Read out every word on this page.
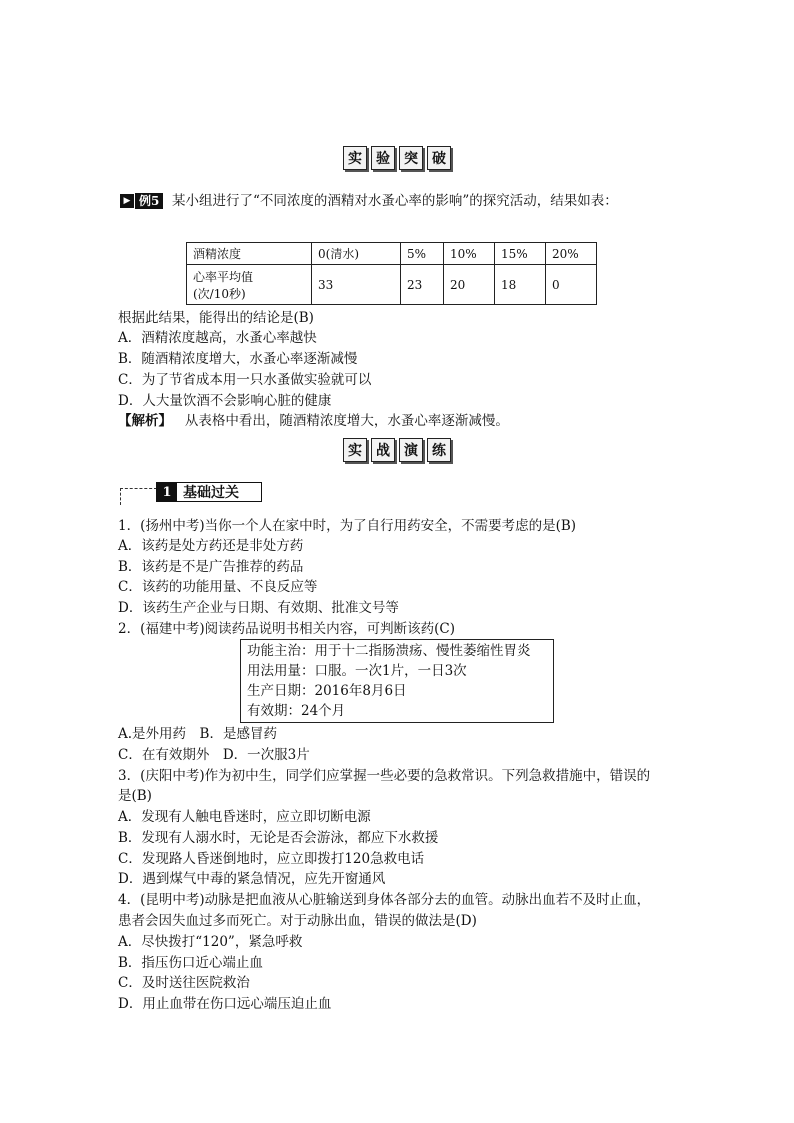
实	验	突	破
▶ 例5 某小组进行了“不同浓度的酒精对水蚤心率的影响”的探究活动，结果如表：
酒精浓度	0(清水)	5%	10%	15%	20%

心率平均值
(次/10秒)	33	23	20	18	0
根据此结果，能得出的结论是(B)
A．酒精浓度越高，水蚤心率越快
B．随酒精浓度增大，水蚤心率逐渐减慢
C．为了节省成本用一只水蚤做实验就可以
D．人大量饮酒不会影响心脏的健康
【解析】 从表格中看出，随酒精浓度增大，水蚤心率逐渐减慢。
实	战	演	练
1 基础过关
1．(扬州中考)当你一个人在家中时，为了自行用药安全，不需要考虑的是(B)
A．该药是处方药还是非处方药
B．该药是不是广告推荐的药品
C．该药的功能用量、不良反应等
D．该药生产企业与日期、有效期、批准文号等
2．(福建中考)阅读药品说明书相关内容，可判断该药(C)
功能主治：用于十二指肠溃疡、慢性萎缩性胃炎
用法用量：口服。一次1片，一日3次
生产日期：2016年8月6日
有效期：24个月
A.是外用药　B．是感冒药
C．在有效期外　D．一次服3片
3．(庆阳中考)作为初中生，同学们应掌握一些必要的急救常识。下列急救措施中，错误的
是(B)
A．发现有人触电昏迷时，应立即切断电源
B．发现有人溺水时，无论是否会游泳，都应下水救援
C．发现路人昏迷倒地时，应立即拨打120急救电话
D．遇到煤气中毒的紧急情况，应先开窗通风
4．(昆明中考)动脉是把血液从心脏输送到身体各部分去的血管。动脉出血若不及时止血，
患者会因失血过多而死亡。对于动脉出血，错误的做法是(D)
A．尽快拨打“120”，紧急呼救
B．指压伤口近心端止血
C．及时送往医院救治
D．用止血带在伤口远心端压迫止血
